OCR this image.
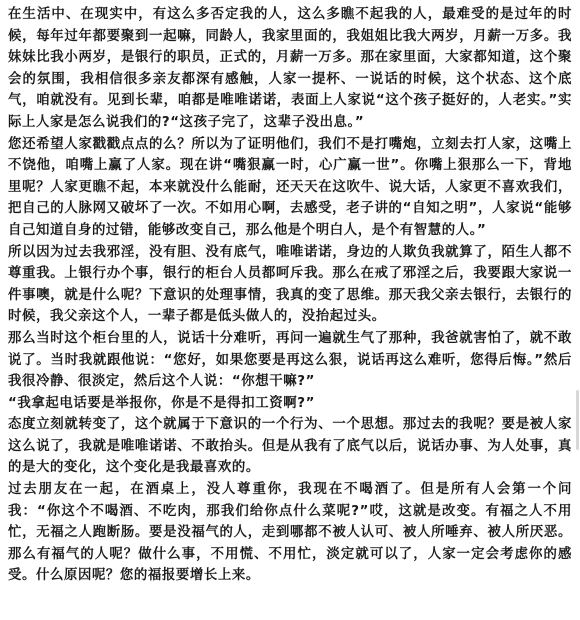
在生活中、在现实中，有这么多否定我的人，这么多瞧不起我的人，最难受的是过年的时候，每年过年都要聚到一起嘛，同龄人，我家里面的，我姐姐比我大两岁，月薪一万多。我妹妹比我小两岁，是银行的职员，正式的，月薪一万多。那在家里面，大家都知道，这个聚会的氛围，我相信很多亲友都深有感触，人家一提杯、一说话的时候，这个状态、这个底气，咱就没有。见到长辈，咱都是唯唯诺诺，表面上人家说“这个孩子挺好的，人老实。”实际上人家是怎么说我们的?“这孩子完了，这辈子没出息。”

您还希望人家戳戳点点的么？所以为了证明他们，我们不是打嘴炮，立刻去打人家，这嘴上不饶他，咱嘴上赢了人家。现在讲“嘴狠赢一时，心广赢一世”。你嘴上狠那么一下，背地里呢？人家更瞧不起，本来就没什么能耐，还天天在这吹牛、说大话，人家更不喜欢我们，把自己的人脉网又破坏了一次。不如用心啊，去感受，老子讲的“自知之明”，人家说“能够自己知道自身的过错，能够改变自己，那么他是个明白人，是个有智慧的人。”

所以因为过去我邪淫，没有胆、没有底气，唯唯诺诺，身边的人欺负我就算了，陌生人都不尊重我。上银行办个事，银行的柜台人员都呵斥我。那么在戒了邪淫之后，我要跟大家说一件事噢，就是什么呢？下意识的处理事情，我真的变了思维。那天我父亲去银行，去银行的时候，我父亲这个人，一辈子都是低头做人的，没抬起过头。

那么当时这个柜台里的人，说话十分难听，再问一遍就生气了那种，我爸就害怕了，就不敢说了。当时我就跟他说：“您好，如果您要是再这么狠，说话再这么难听，您得后悔。”然后我很冷静、很淡定，然后这个人说：“你想干嘛?”

“我拿起电话要是举报你，你是不是得扣工资啊?”

态度立刻就转变了，这个就属于下意识的一个行为、一个思想。那过去的我呢？要是被人家这么说了，我就是唯唯诺诺、不敢抬头。但是从我有了底气以后，说话办事、为人处事，真的是大的变化，这个变化是我最喜欢的。

过去朋友在一起，在酒桌上，没人尊重你，我现在不喝酒了。但是所有人会第一个问我：“你这个不喝酒、不吃肉，那我们给你点什么菜呢?”哎，这就是改变。有福之人不用忙，无福之人跑断肠。要是没福气的人，走到哪都不被人认可、被人所唾弃、被人所厌恶。那么有福气的人呢？做什么事，不用慌、不用忙，淡定就可以了，人家一定会考虑你的感受。什么原因呢？您的福报要增长上来。
